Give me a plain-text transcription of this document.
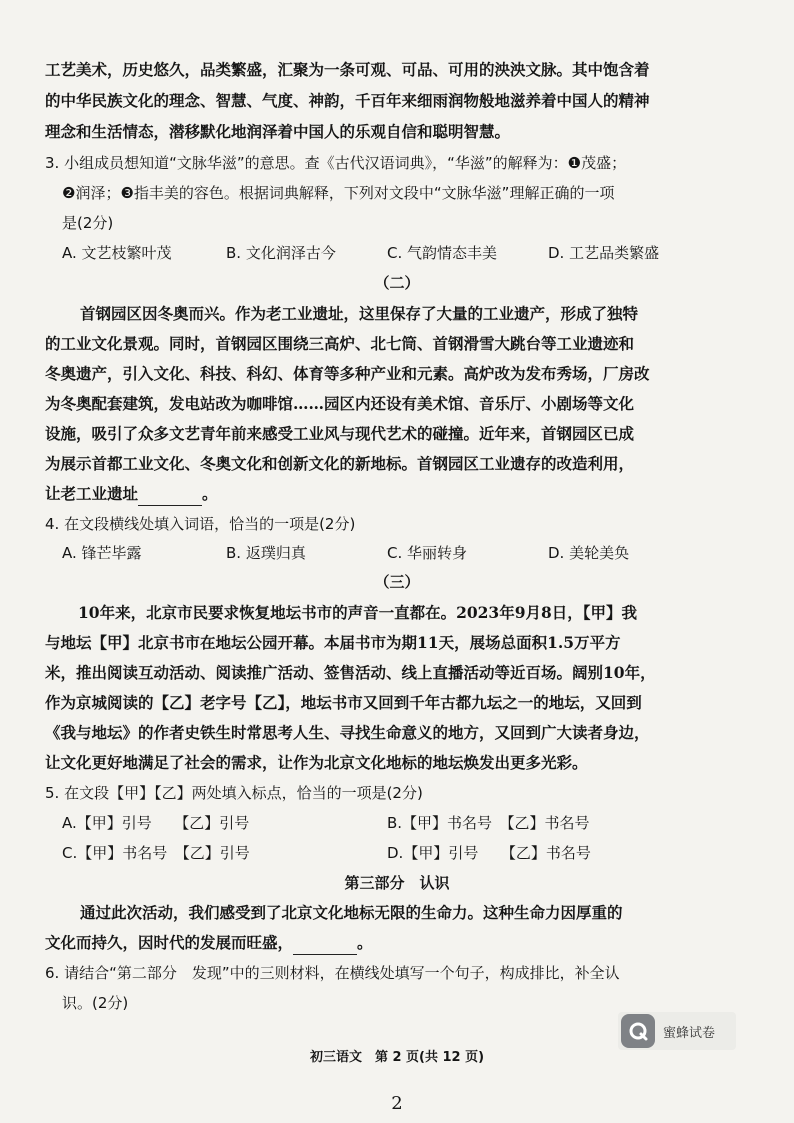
工艺美术，历史悠久，品类繁盛，汇聚为一条可观、可品、可用的泱泱文脉。其中饱含着
的中华民族文化的理念、智慧、气度、神韵，千百年来细雨润物般地滋养着中国人的精神
理念和生活情态，潜移默化地润泽着中国人的乐观自信和聪明智慧。
3. 小组成员想知道“文脉华滋”的意思。查《古代汉语词典》，“华滋”的解释为：❶茂盛；
❷润泽；❸指丰美的容色。根据词典解释，下列对文段中“文脉华滋”理解正确的一项
是(2分)
A. 文艺枝繁叶茂	B. 文化润泽古今	C. 气韵情态丰美	D. 工艺品类繁盛
（二）
首钢园区因冬奥而兴。作为老工业遗址，这里保存了大量的工业遗产，形成了独特
的工业文化景观。同时，首钢园区围绕三高炉、北七筒、首钢滑雪大跳台等工业遗迹和
冬奥遗产，引入文化、科技、科幻、体育等多种产业和元素。高炉改为发布秀场，厂房改
为冬奥配套建筑，发电站改为咖啡馆……园区内还设有美术馆、音乐厅、小剧场等文化
设施，吸引了众多文艺青年前来感受工业风与现代艺术的碰撞。近年来，首钢园区已成
为展示首都工业文化、冬奥文化和创新文化的新地标。首钢园区工业遗存的改造利用，
让老工业遗址	。
4. 在文段横线处填入词语，恰当的一项是(2分)
A. 锋芒毕露	B. 返璞归真	C. 华丽转身	D. 美轮美奂
（三）
10年来，北京市民要求恢复地坛书市的声音一直都在。2023年9月8日，【甲】我
与地坛【甲】北京书市在地坛公园开幕。本届书市为期11天，展场总面积1.5万平方
米，推出阅读互动活动、阅读推广活动、签售活动、线上直播活动等近百场。阔别10年，
作为京城阅读的【乙】老字号【乙】，地坛书市又回到千年古都九坛之一的地坛，又回到
《我与地坛》的作者史铁生时常思考人生、寻找生命意义的地方，又回到广大读者身边，
让文化更好地满足了社会的需求，让作为北京文化地标的地坛焕发出更多光彩。
5. 在文段【甲】【乙】两处填入标点，恰当的一项是(2分)
A.【甲】引号　　【乙】引号	B.【甲】书名号　【乙】书名号
C.【甲】书名号　【乙】引号	D.【甲】引号　　【乙】书名号
第三部分　认识
通过此次活动，我们感受到了北京文化地标无限的生命力。这种生命力因厚重的
文化而持久，因时代的发展而旺盛，	。
6. 请结合“第二部分　发现”中的三则材料，在横线处填写一个句子，构成排比，补全认
识。(2分)
蜜蜂试卷
初三语文　第 2 页(共 12 页)
2
